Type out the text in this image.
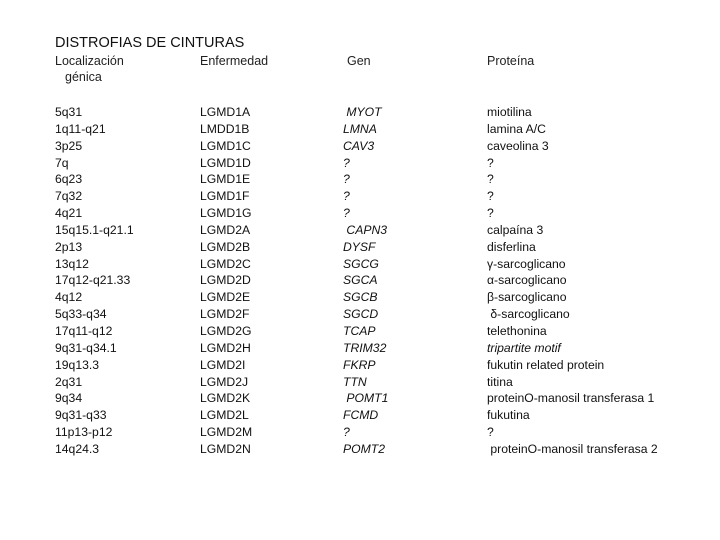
DISTROFIAS DE CINTURAS
Localización
génica
Enfermedad	Gen	Proteína
5q31
1q11-q21
3p25
7q
6q23
7q32
4q21
15q15.1-q21.1
2p13
13q12
17q12-q21.33
4q12
5q33-q34
17q11-q12
9q31-q34.1
19q13.3
2q31
9q34
9q31-q33
11p13-p12
14q24.3
LGMD1A
LMDD1B
LGMD1C
LGMD1D
LGMD1E
LGMD1F
LGMD1G
LGMD2A
LGMD2B
LGMD2C
LGMD2D
LGMD2E
LGMD2F
LGMD2G
LGMD2H
LGMD2I
LGMD2J
LGMD2K
LGMD2L
LGMD2M
LGMD2N
MYOT
LMNA
CAV3
?
?
?
?
CAPN3
DYSF
SGCG
SGCA
SGCB
SGCD
TCAP
TRIM32
FKRP
TTN
POMT1
FCMD
?
POMT2
miotilina
lamina A/C
caveolina 3
?
?
?
?
calpaína 3
disferlina
γ-sarcoglicano
α-sarcoglicano
β-sarcoglicano
δ-sarcoglicano
telethonina
tripartite motif
fukutin related protein
titina
proteinO-manosil transferasa 1
fukutina
?
proteinO-manosil transferasa 2
